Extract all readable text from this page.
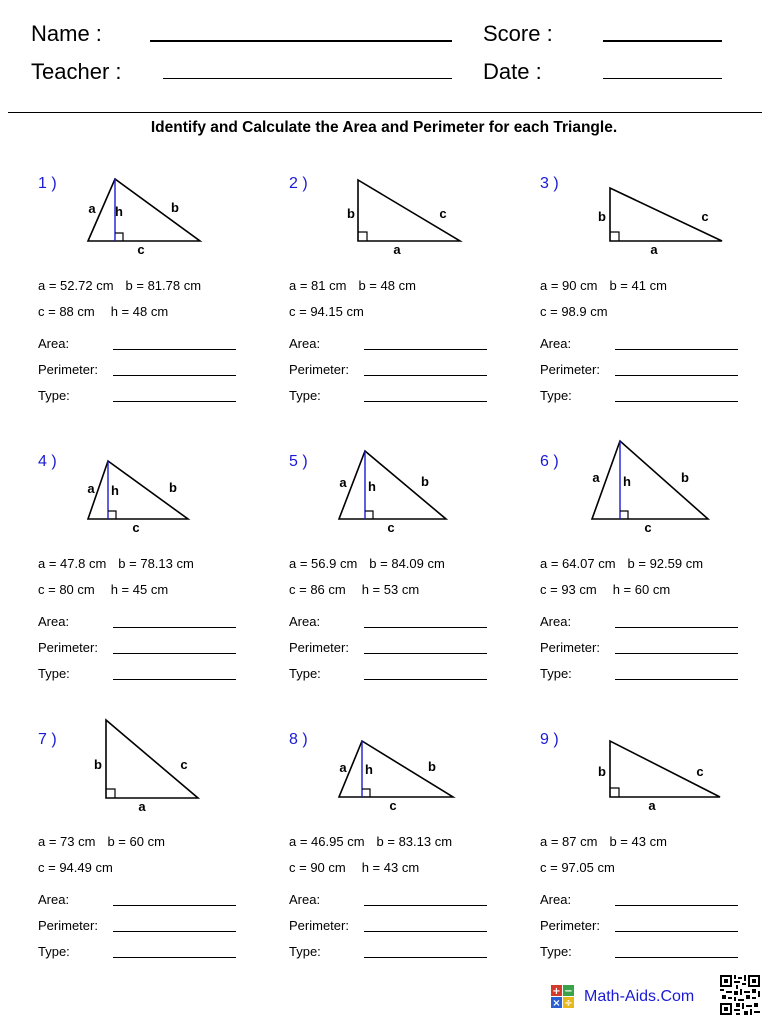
Name :
Teacher :
Score :
Date :
Identify and Calculate the Area and Perimeter for each Triangle.
1 )
a	b
c
h
a = 52.72 cm b = 81.78 cm
c = 88 cm h = 48 cm
Area:
Perimeter:
Type:
2 )
a
b	c
a = 81 cm b = 48 cm
c = 94.15 cm
Area:
Perimeter:
Type:
3 )
a
b	c
a = 90 cm b = 41 cm
c = 98.9 cm
Area:
Perimeter:
Type:
4 )
a	b
c
h
a = 47.8 cm b = 78.13 cm
c = 80 cm h = 45 cm
Area:
Perimeter:
Type:
5 )
a	b
c
h
a = 56.9 cm b = 84.09 cm
c = 86 cm h = 53 cm
Area:
Perimeter:
Type:
6 )
a	b
c
h
a = 64.07 cm b = 92.59 cm
c = 93 cm h = 60 cm
Area:
Perimeter:
Type:
7 )
a
b	c
a = 73 cm b = 60 cm
c = 94.49 cm
Area:
Perimeter:
Type:
8 )
a	b
c
h
a = 46.95 cm b = 83.13 cm
c = 90 cm h = 43 cm
Area:
Perimeter:
Type:
9 )
a
b	c
a = 87 cm b = 43 cm
c = 97.05 cm
Area:
Perimeter:
Type:
+ −
× ÷ Math-Aids.Com
